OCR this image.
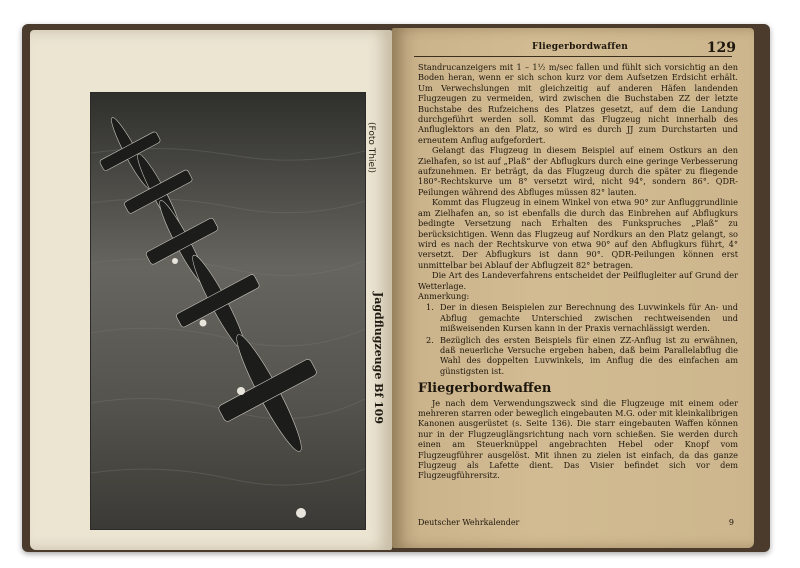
(Foto Thiel)
Jagdflugzeuge Bf 109
Fliegerbordwaffen	129

Standrucanzeigers mit 1 – 1½ m/sec fallen und fühlt sich vorsichtig an den Boden heran, wenn er sich schon kurz vor dem Aufsetzen Erdsicht erhält. Um Verwechslungen mit gleichzeitig auf anderen Häfen landenden Flugzeugen zu vermeiden, wird zwischen die Buchstaben ZZ der letzte Buchstabe des Rufzeichens des Platzes gesetzt, auf dem die Landung durchgeführt werden soll. Kommt das Flugzeug nicht innerhalb des Anfluglektors an den Platz, so wird es durch JJ zum Durchstarten und erneutem Anflug aufgefordert.

Gelangt das Flugzeug in diesem Beispiel auf einem Ostkurs an den Zielhafen, so ist auf „Plaß“ der Abflugkurs durch eine geringe Verbesserung aufzunehmen. Er beträgt, da das Flugzeug durch die später zu fliegende 180°-Rechtskurve um 8° versetzt wird, nicht 94°, sondern 86°. QDR-Peilungen während des Abfluges müssen 82° lauten.

Kommt das Flugzeug in einem Winkel von etwa 90° zur Anfluggrundlinie am Zielhafen an, so ist ebenfalls die durch das Einbrehen auf Abflugkurs bedingte Versetzung nach Erhalten des Funkspruches „Plaß“ zu berücksichtigen. Wenn das Flugzeug auf Nordkurs an den Platz gelangt, so wird es nach der Rechtskurve von etwa 90° auf den Abflugkurs führt, 4° versetzt. Der Abflugkurs ist dann 90°. QDR-Peilungen können erst unmittelbar bei Ablauf der Abflugzeit 82° betragen.

Die Art des Landeverfahrens entscheidet der Peilflugleiter auf Grund der Wetterlage.

Anmerkung:

1. Der in diesen Beispielen zur Berechnung des Luvwinkels für An- und Abflug gemachte Unterschied zwischen rechtweisenden und mißweisenden Kursen kann in der Praxis vernachlässigt werden.
2. Bezüglich des ersten Beispiels für einen ZZ-Anflug ist zu erwähnen, daß neuerliche Versuche ergeben haben, daß beim Parallelabflug die Wahl des doppelten Luvwinkels, im Anflug die des einfachen am günstigsten ist.
Fliegerbordwaffen

Je nach dem Verwendungszweck sind die Flugzeuge mit einem oder mehreren starren oder beweglich eingebauten M.G. oder mit kleinkalibrigen Kanonen ausgerüstet (s. Seite 136). Die starr eingebauten Waffen können nur in der Flugzeuglängsrichtung nach vorn schießen. Sie werden durch einen am Steuerknüppel angebrachten Hebel oder Knopf vom Flugzeugführer ausgelöst. Mit ihnen zu zielen ist einfach, da das ganze Flugzeug als Lafette dient. Das Visier befindet sich vor dem Flugzeugführersitz.

Deutscher Wehrkalender	9
